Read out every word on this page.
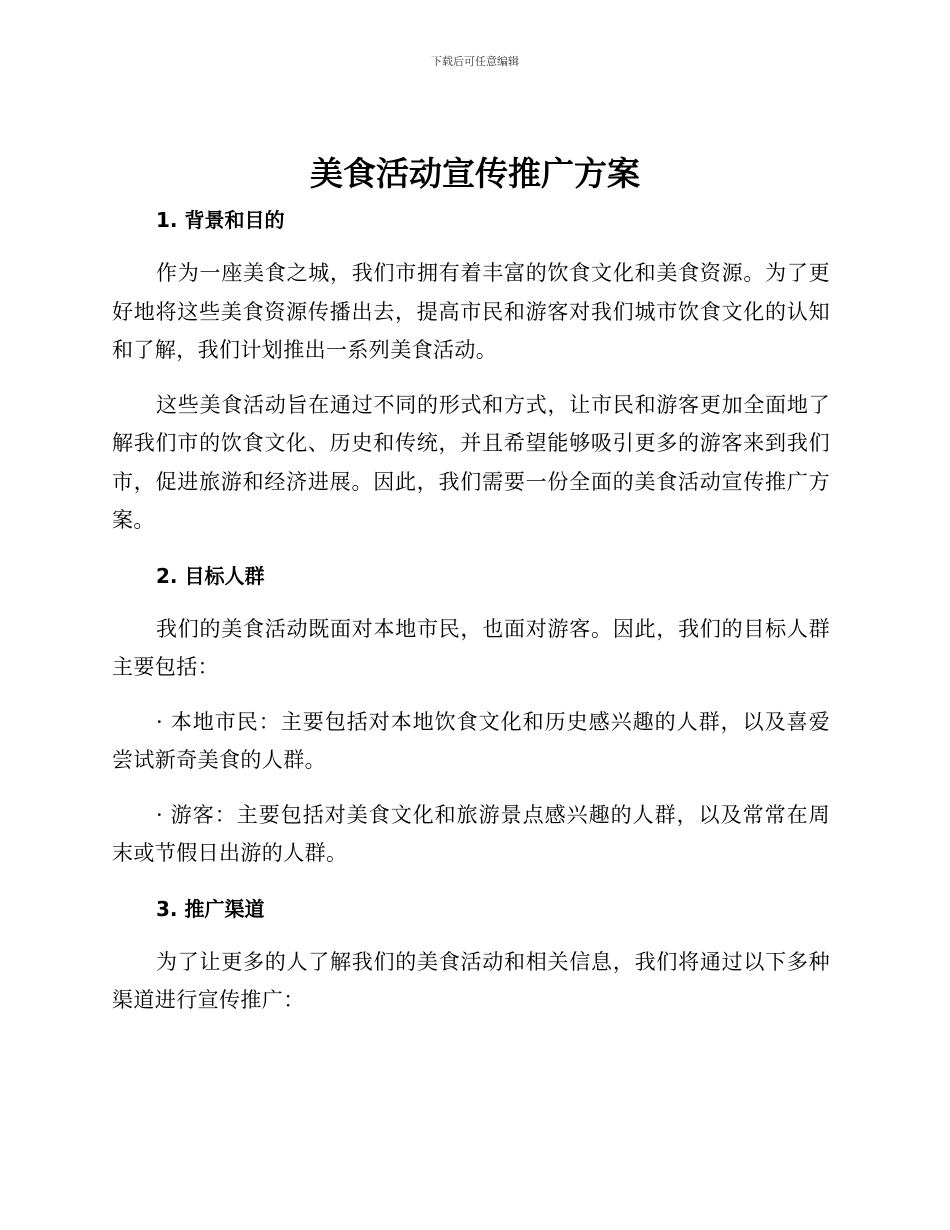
下载后可任意编辑
美食活动宣传推广方案
1. 背景和目的

作为一座美食之城，我们市拥有着丰富的饮食文化和美食资源。为了更好地将这些美食资源传播出去，提高市民和游客对我们城市饮食文化的认知和了解，我们计划推出一系列美食活动。

这些美食活动旨在通过不同的形式和方式，让市民和游客更加全面地了解我们市的饮食文化、历史和传统，并且希望能够吸引更多的游客来到我们市，促进旅游和经济进展。因此，我们需要一份全面的美食活动宣传推广方案。

2. 目标人群

我们的美食活动既面对本地市民，也面对游客。因此，我们的目标人群主要包括：

· 本地市民：主要包括对本地饮食文化和历史感兴趣的人群，以及喜爱尝试新奇美食的人群。

· 游客：主要包括对美食文化和旅游景点感兴趣的人群，以及常常在周末或节假日出游的人群。

3. 推广渠道

为了让更多的人了解我们的美食活动和相关信息，我们将通过以下多种渠道进行宣传推广：
